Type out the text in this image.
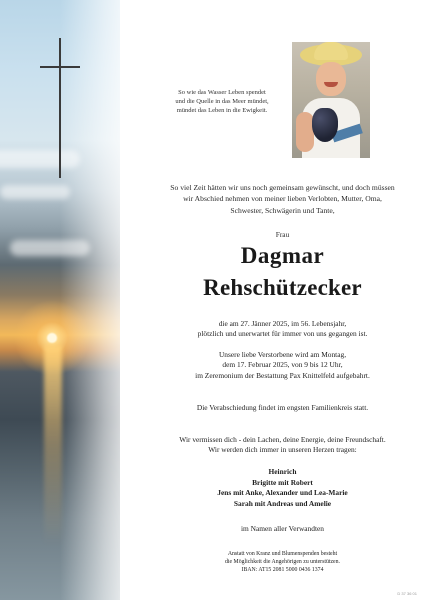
So wie das Wasser Leben spendet
und die Quelle in das Meer mündet,
mündet das Leben in die Ewigkeit.
So viel Zeit hätten wir uns noch gemeinsam gewünscht, und doch müssen
wir Abschied nehmen von meiner lieben Verlobten, Mutter, Oma,
Schwester, Schwägerin und Tante,
Frau
Dagmar
Rehschützecker
die am 27. Jänner 2025, im 56. Lebensjahr,
plötzlich und unerwartet für immer von uns gegangen ist.
Unsere liebe Verstorbene wird am Montag,
dem 17. Februar 2025, von 9 bis 12 Uhr,
im Zeremonium der Bestattung Pax Knittelfeld aufgebahrt.
Die Verabschiedung findet im engsten Familienkreis statt.
Wir vermissen dich - dein Lachen, deine Energie, deine Freundschaft.
Wir werden dich immer in unseren Herzen tragen:
Heinrich
Brigitte mit Robert
Jens mit Anke, Alexander und Lea-Marie
Sarah mit Andreas und Amelie
im Namen aller Verwandten
Anstatt von Kranz und Blumenspenden besteht
die Möglichkeit die Angehörigen zu unterstützen.
IBAN: AT15 2081 5000 0436 1374
D 37 36 01
